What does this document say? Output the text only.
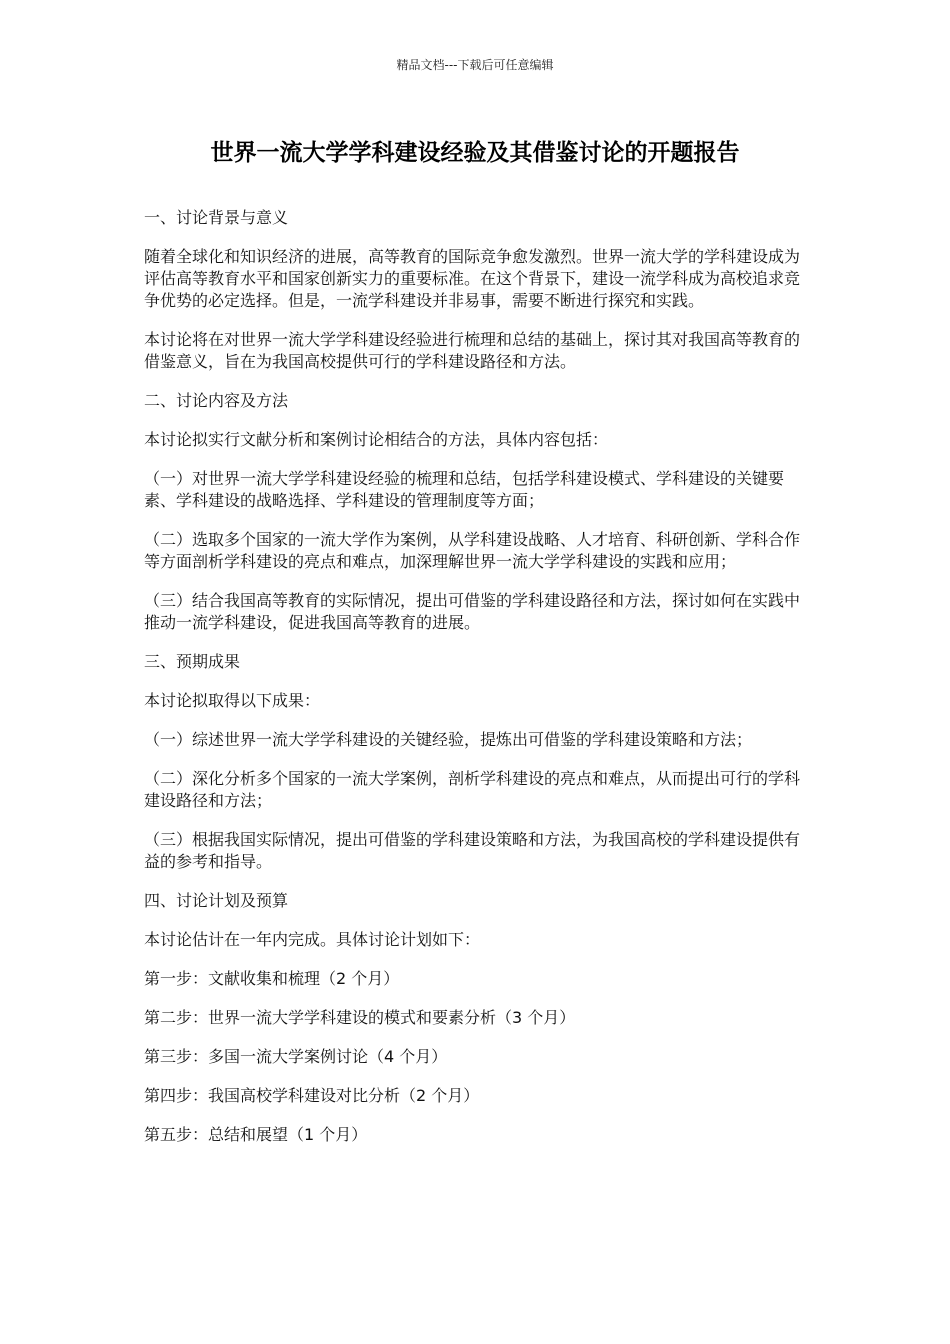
精品文档---下载后可任意编辑
世界一流大学学科建设经验及其借鉴讨论的开题报告

一、讨论背景与意义

随着全球化和知识经济的进展，高等教育的国际竞争愈发激烈。世界一流大学的学科建设成为评估高等教育水平和国家创新实力的重要标准。在这个背景下，建设一流学科成为高校追求竞争优势的必定选择。但是，一流学科建设并非易事，需要不断进行探究和实践。

本讨论将在对世界一流大学学科建设经验进行梳理和总结的基础上，探讨其对我国高等教育的借鉴意义，旨在为我国高校提供可行的学科建设路径和方法。

二、讨论内容及方法

本讨论拟实行文献分析和案例讨论相结合的方法，具体内容包括：

（一）对世界一流大学学科建设经验的梳理和总结，包括学科建设模式、学科建设的关键要素、学科建设的战略选择、学科建设的管理制度等方面；

（二）选取多个国家的一流大学作为案例，从学科建设战略、人才培育、科研创新、学科合作等方面剖析学科建设的亮点和难点，加深理解世界一流大学学科建设的实践和应用；

（三）结合我国高等教育的实际情况，提出可借鉴的学科建设路径和方法，探讨如何在实践中推动一流学科建设，促进我国高等教育的进展。

三、预期成果

本讨论拟取得以下成果：

（一）综述世界一流大学学科建设的关键经验，提炼出可借鉴的学科建设策略和方法；

（二）深化分析多个国家的一流大学案例，剖析学科建设的亮点和难点，从而提出可行的学科建设路径和方法；

（三）根据我国实际情况，提出可借鉴的学科建设策略和方法，为我国高校的学科建设提供有益的参考和指导。

四、讨论计划及预算

本讨论估计在一年内完成。具体讨论计划如下：

第一步：文献收集和梳理（2 个月）

第二步：世界一流大学学科建设的模式和要素分析（3 个月）

第三步：多国一流大学案例讨论（4 个月）

第四步：我国高校学科建设对比分析（2 个月）

第五步：总结和展望（1 个月）
